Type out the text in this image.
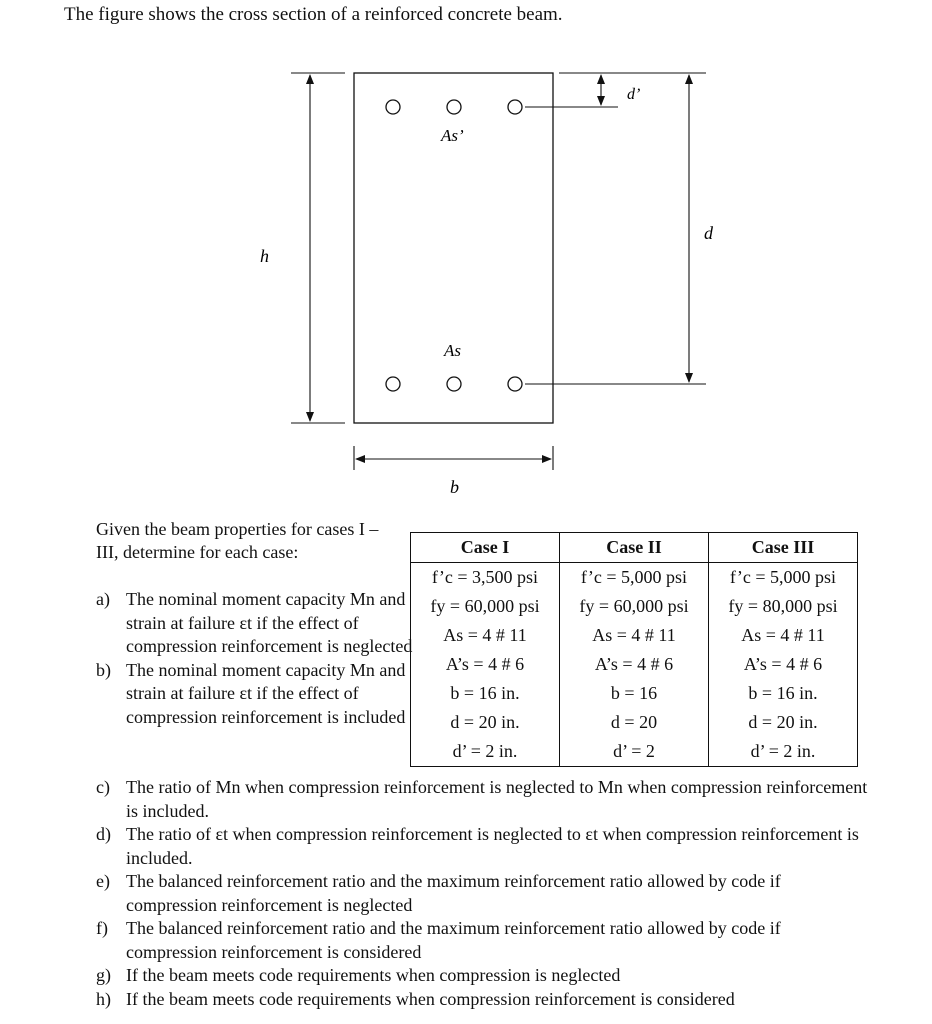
The figure shows the cross section of a reinforced concrete beam.
h
d
d’
b
As’
As
Given the beam properties for cases I – III, determine for each case:

a) The nominal moment capacity Mn and strain at failure εt if the effect of compression reinforcement is neglected

b) The nominal moment capacity Mn and strain at failure εt if the effect of compression reinforcement is included

c) The ratio of Mn when compression reinforcement is neglected to Mn when compression reinforcement is included.

d) The ratio of εt when compression reinforcement is neglected to εt when compression reinforcement is included.

e) The balanced reinforcement ratio and the maximum reinforcement ratio allowed by code if compression reinforcement is neglected

f) The balanced reinforcement ratio and the maximum reinforcement ratio allowed by code if compression reinforcement is considered

g) If the beam meets code requirements when compression is neglected

h) If the beam meets code requirements when compression reinforcement is considered

Case I	Case II	Case III
f’c = 3,500 psi	f’c = 5,000 psi	f’c = 5,000 psi
fy = 60,000 psi	fy = 60,000 psi	fy = 80,000 psi
As = 4 # 11	As = 4 # 11	As = 4 # 11
A’s = 4 # 6	A’s = 4 # 6	A’s = 4 # 6
b = 16 in.	b = 16	b = 16 in.
d = 20 in.	d = 20	d = 20 in.
d’ = 2 in.	d’ = 2	d’ = 2 in.
